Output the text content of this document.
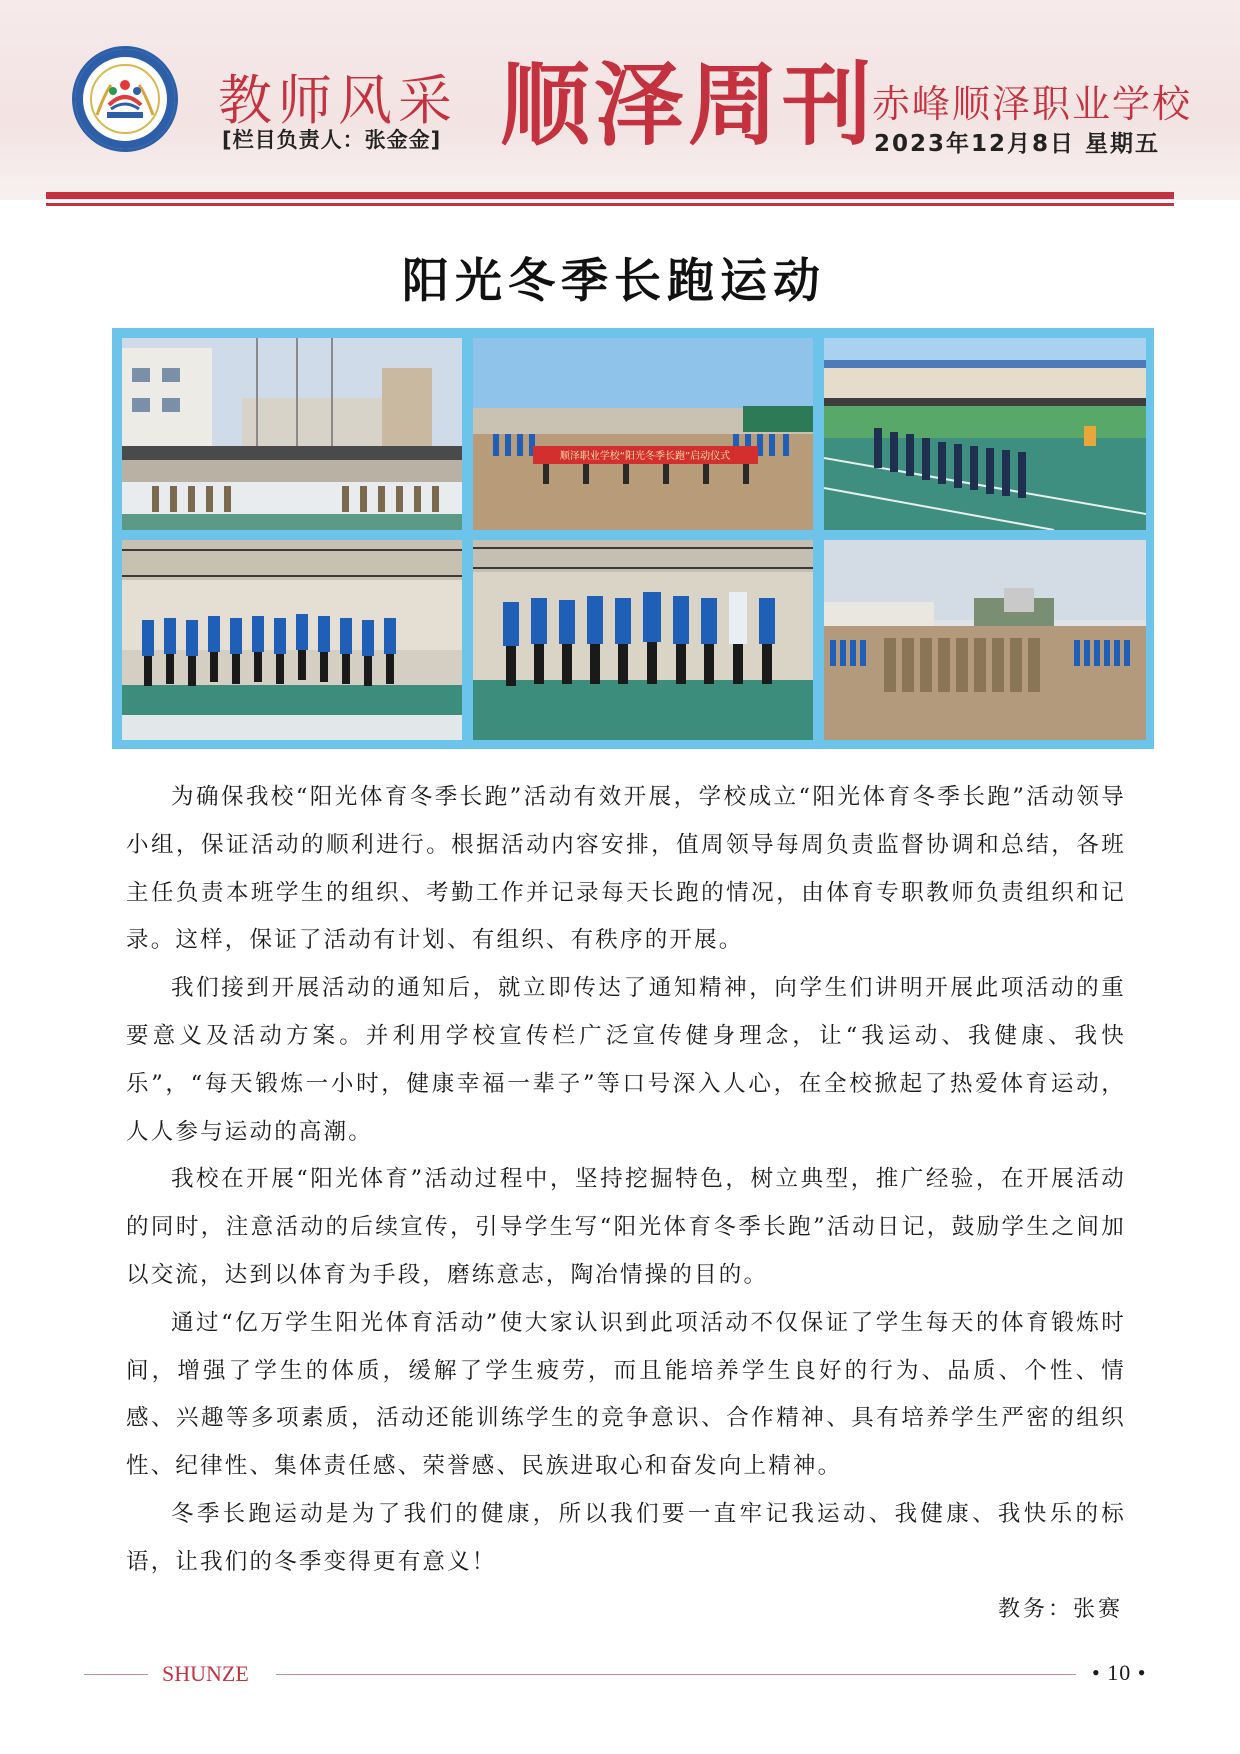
教师风采
[栏目负责人：张金金] 顺泽周刊
赤峰顺泽职业学校
2023年12月8日 星期五
阳光冬季长跑运动
顺泽职业学校“阳光冬季长跑”启动仪式

为确保我校“阳光体育冬季长跑”活动有效开展，学校成立“阳光体育冬季长跑”活动领导小组，保证活动的顺利进行。根据活动内容安排，值周领导每周负责监督协调和总结，各班主任负责本班学生的组织、考勤工作并记录每天长跑的情况，由体育专职教师负责组织和记录。这样，保证了活动有计划、有组织、有秩序的开展。

我们接到开展活动的通知后，就立即传达了通知精神，向学生们讲明开展此项活动的重要意义及活动方案。并利用学校宣传栏广泛宣传健身理念，让“我运动、我健康、我快乐”，“每天锻炼一小时，健康幸福一辈子”等口号深入人心，在全校掀起了热爱体育运动，人人参与运动的高潮。

我校在开展“阳光体育”活动过程中，坚持挖掘特色，树立典型，推广经验，在开展活动的同时，注意活动的后续宣传，引导学生写“阳光体育冬季长跑”活动日记，鼓励学生之间加以交流，达到以体育为手段，磨练意志，陶冶情操的目的。

通过“亿万学生阳光体育活动”使大家认识到此项活动不仅保证了学生每天的体育锻炼时间，增强了学生的体质，缓解了学生疲劳，而且能培养学生良好的行为、品质、个性、情感、兴趣等多项素质，活动还能训练学生的竞争意识、合作精神、具有培养学生严密的组织性、纪律性、集体责任感、荣誉感、民族进取心和奋发向上精神。

冬季长跑运动是为了我们的健康，所以我们要一直牢记我运动、我健康、我快乐的标语，让我们的冬季变得更有意义！

教务：张赛
SHUNZE	• 10 •
